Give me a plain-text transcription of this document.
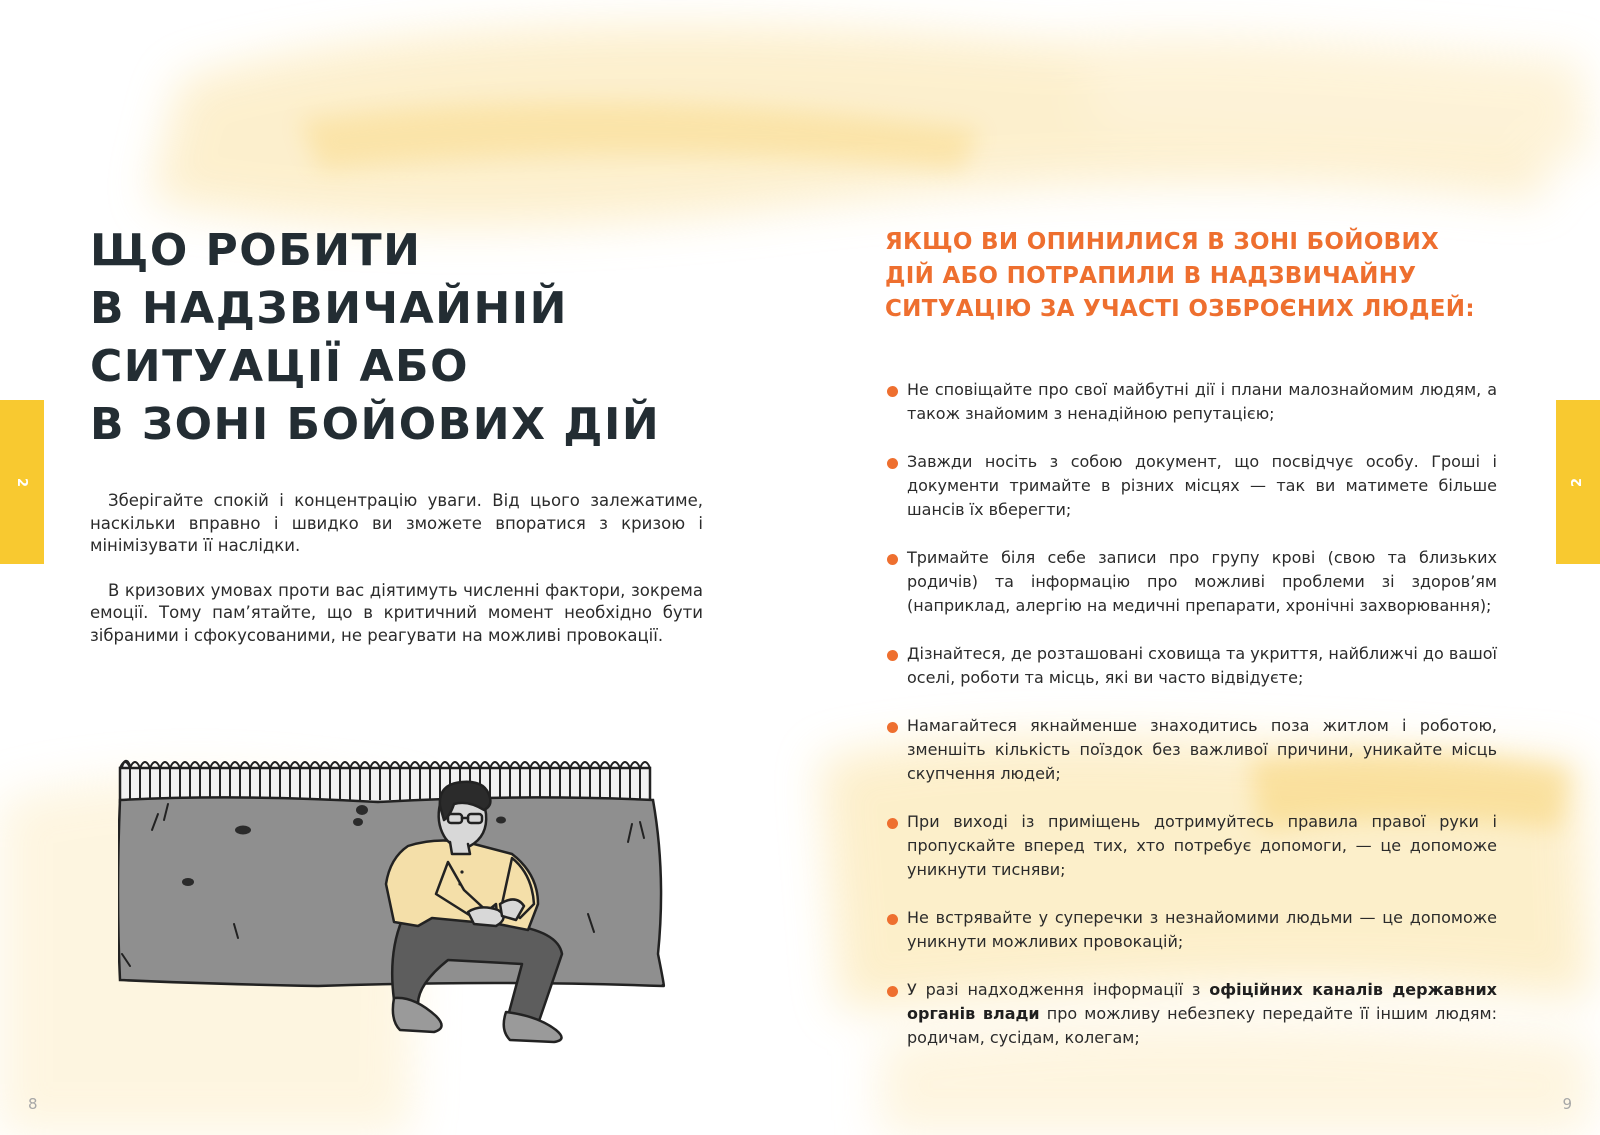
2
ЩО РОБИТИ
В НАДЗВИЧАЙНІЙ
СИТУАЦІЇ АБО
В ЗОНІ БОЙОВИХ ДІЙ

Зберігайте спокій і концентрацію уваги. Від цього залежатиме, наскільки вправно і швидко ви зможете впоратися з кризою і мінімізувати її наслідки.

В кризових умовах проти вас діятимуть численні фактори, зокрема емоції. Тому пам’ятайте, що в критичний момент необхідно бути зібраними і сфокусованими, не реагувати на можливі провокації.

8
ЯКЩО ВИ ОПИНИЛИСЯ В ЗОНІ БОЙОВИХ
ДІЙ АБО ПОТРАПИЛИ В НАДЗВИЧАЙНУ
СИТУАЦІЮ ЗА УЧАСТІ ОЗБРОЄНИХ ЛЮДЕЙ:
Не сповіщайте про свої майбутні дії і плани малознайомим людям, а також знайомим з ненадійною репутацією;
Завжди носіть з собою документ, що посвідчує особу. Гроші і документи тримайте в різних місцях — так ви матимете більше шансів їх вберегти;
Тримайте біля себе записи про групу крові (свою та близьких родичів) та інформацію про можливі проблеми зі здоров’ям (наприклад, алергію на медичні препарати, хронічні захворювання);
Дізнайтеся, де розташовані сховища та укриття, найближчі до вашої оселі, роботи та місць, які ви часто відвідуєте;
Намагайтеся якнайменше знаходитись поза житлом і роботою, зменшіть кількість поїздок без важливої причини, уникайте місць скупчення людей;
При виході із приміщень дотримуйтесь правила правої руки і пропускайте вперед тих, хто потребує допомоги, — це допоможе уникнути тисняви;
Не встрявайте у суперечки з незнайомими людьми — це допоможе уникнути можливих провокацій;
У разі надходження інформації з офіційних каналів державних органів влади про можливу небезпеку передайте її іншим людям: родичам, сусідам, колегам;
2
9
